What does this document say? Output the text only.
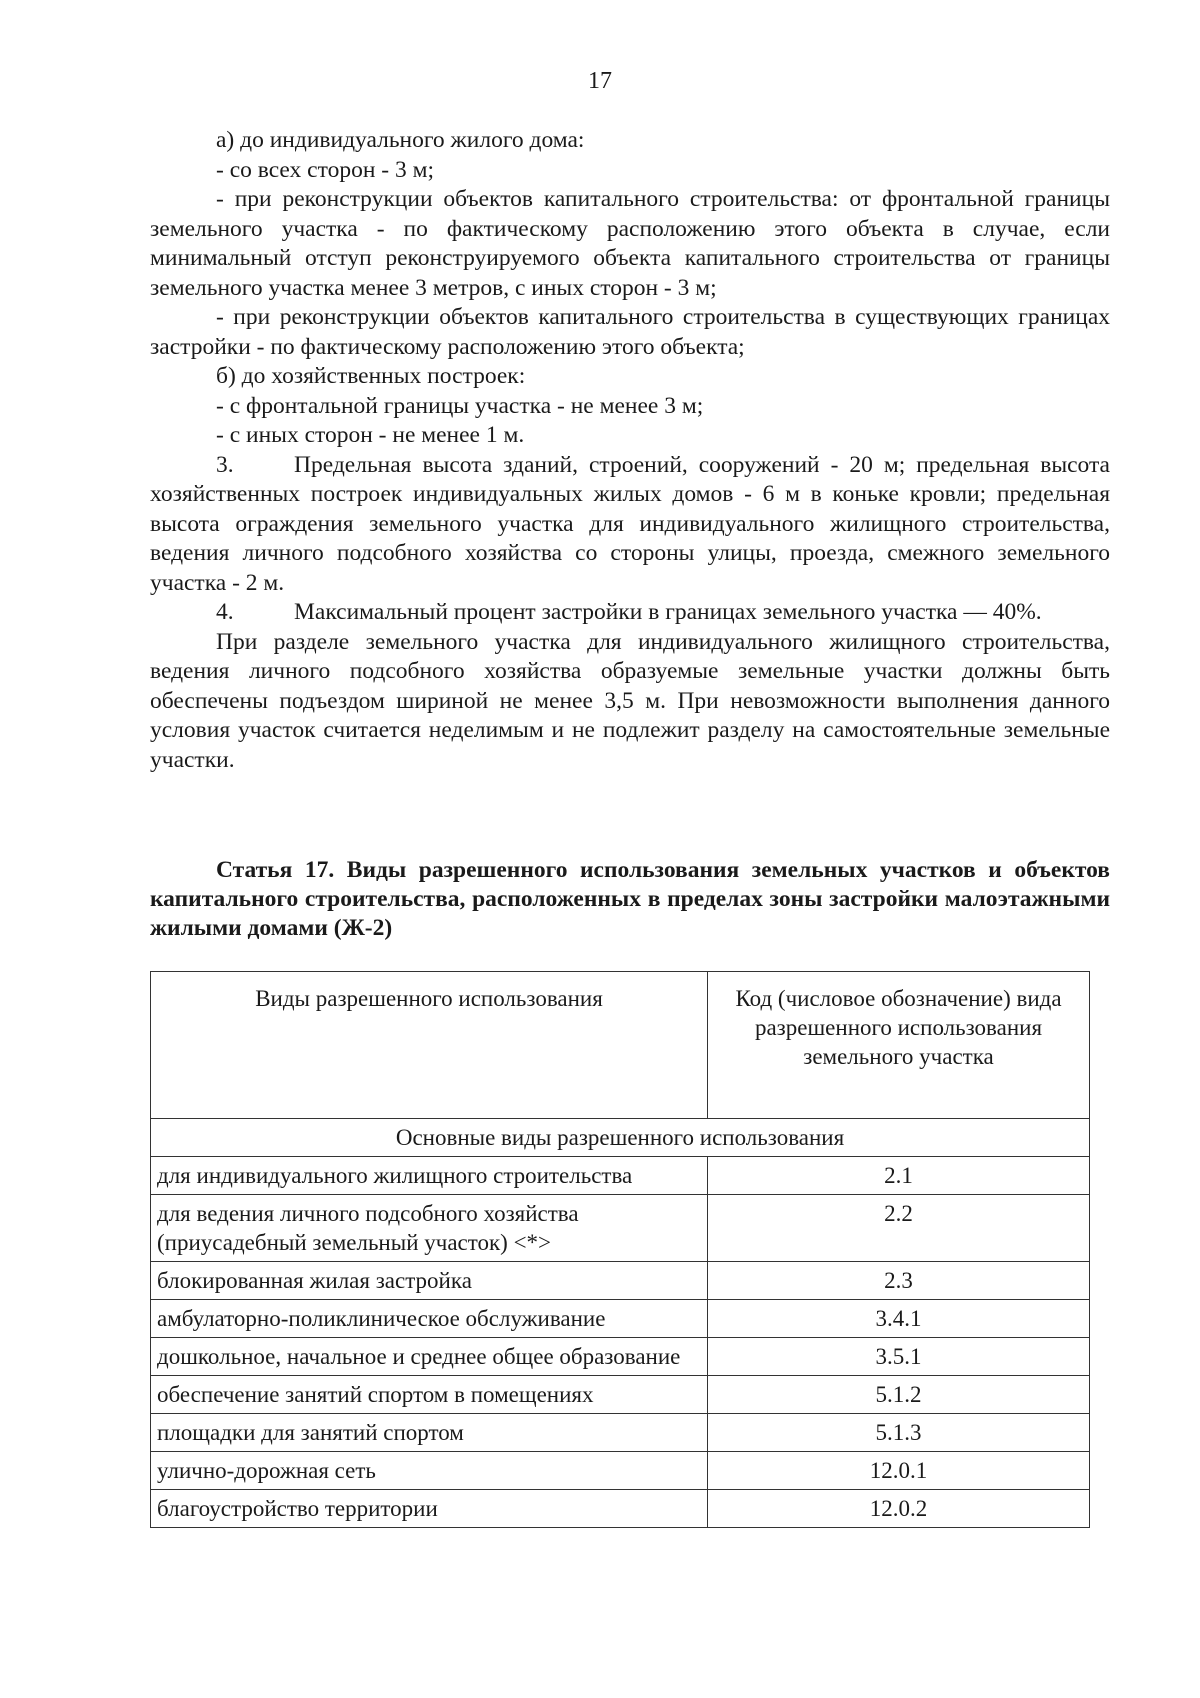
17

а) до индивидуального жилого дома:

- со всех сторон - 3 м;

- при реконструкции объектов капитального строительства: от фронтальной границы земельного участка - по фактическому расположению этого объекта в случае, если минимальный отступ реконструируемого объекта капитального строительства от границы земельного участка менее 3 метров, с иных сторон - 3 м;

- при реконструкции объектов капитального строительства в существующих границах застройки - по фактическому расположению этого объекта;

б) до хозяйственных построек:

- с фронтальной границы участка - не менее 3 м;

- с иных сторон - не менее 1 м.

3.	Предельная высота зданий, строений, сооружений - 20 м; предельная высота хозяйственных построек индивидуальных жилых домов - 6 м в коньке кровли; предельная высота ограждения земельного участка для индивидуального жилищного строительства, ведения личного подсобного хозяйства со стороны улицы, проезда, смежного земельного участка - 2 м.

4.	Максимальный процент застройки в границах земельного участка — 40%.

При разделе земельного участка для индивидуального жилищного строительства, ведения личного подсобного хозяйства образуемые земельные участки должны быть обеспечены подъездом шириной не менее 3,5 м. При невозможности выполнения данного условия участок считается неделимым и не подлежит разделу на самостоятельные земельные участки.

Статья 17. Виды разрешенного использования земельных участков и объектов капитального строительства, расположенных в пределах зоны застройки малоэтажными жилыми домами (Ж-2)
Виды разрешенного использования	Код (числовое обозначение) вида разрешенного использования земельного участка
Основные виды разрешенного использования	
для индивидуального жилищного строительства	2.1
для ведения личного подсобного хозяйства (приусадебный земельный участок) <*>	2.2
блокированная жилая застройка	2.3
амбулаторно-поликлиническое обслуживание	3.4.1
дошкольное, начальное и среднее общее образование	3.5.1
обеспечение занятий спортом в помещениях	5.1.2
площадки для занятий спортом	5.1.3
улично-дорожная сеть	12.0.1
благоустройство территории	12.0.2
